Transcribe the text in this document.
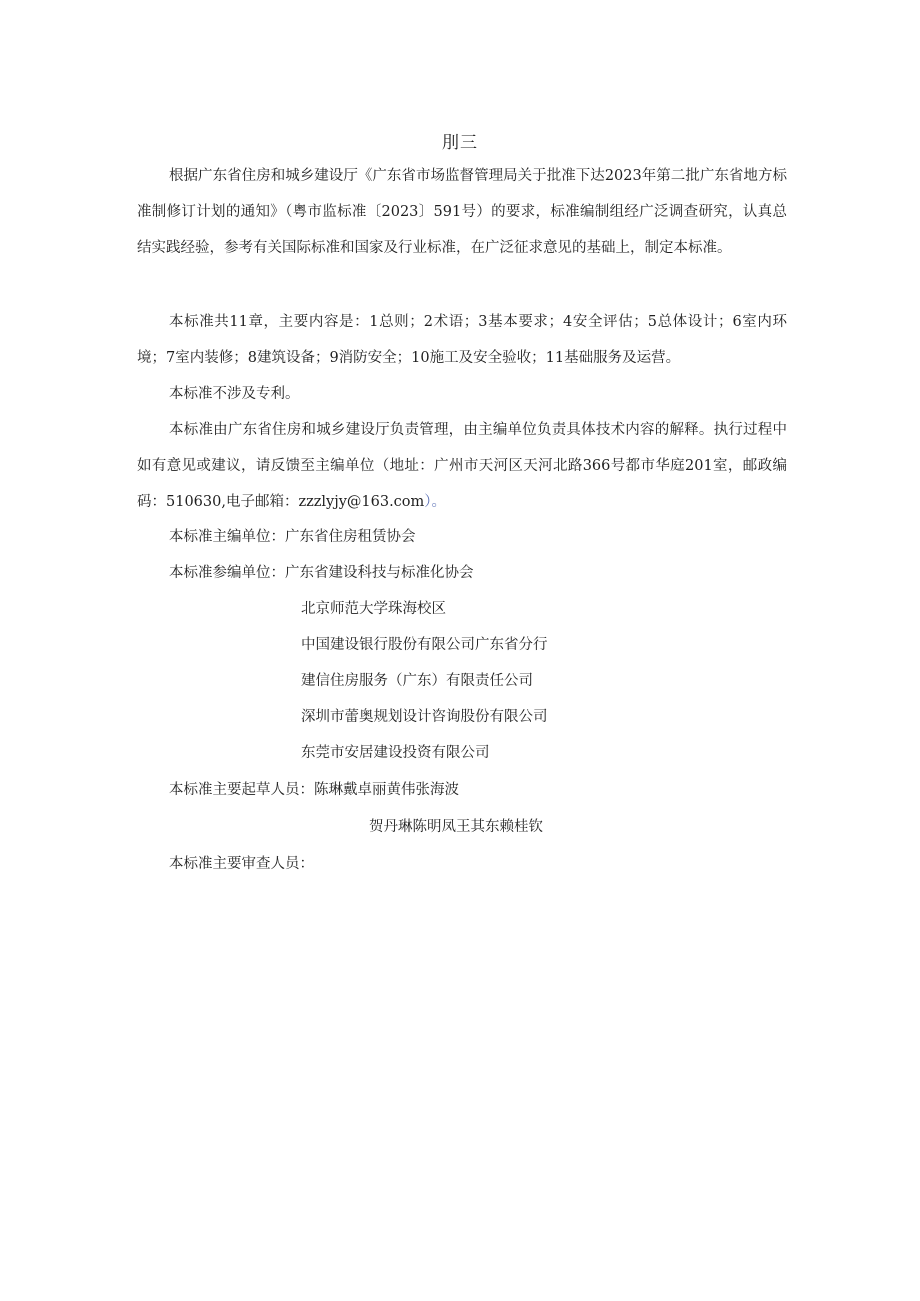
刖三

根据广东省住房和城乡建设厅《广东省市场监督管理局关于批准下达2023年第二批广东省地方标准制修订计划的通知》（粤市监标准〔2023〕591号）的要求，标准编制组经广泛调查研究，认真总结实践经验，参考有关国际标准和国家及行业标准，在广泛征求意见的基础上，制定本标准。

本标准共11章，主要内容是：1总则；2术语；3基本要求；4安全评估；5总体设计；6室内环境；7室内装修；8建筑设备；9消防安全；10施工及安全验收；11基础服务及运营。

本标准不涉及专利。

本标准由广东省住房和城乡建设厅负责管理，由主编单位负责具体技术内容的解释。执行过程中如有意见或建议，请反馈至主编单位（地址：广州市天河区天河北路366号都市华庭201室，邮政编码：510630,电子邮箱：zzzlyjy@163.com）。

本标准主编单位：广东省住房租赁协会
本标准参编单位：广东省建设科技与标准化协会
北京师范大学珠海校区
中国建设银行股份有限公司广东省分行
建信住房服务（广东）有限责任公司
深圳市蕾奥规划设计咨询股份有限公司
东莞市安居建设投资有限公司
本标准主要起草人员：陈琳戴卓丽黄伟张海波
贺丹琳陈明凤王其东赖桂钦
本标准主要审查人员：
